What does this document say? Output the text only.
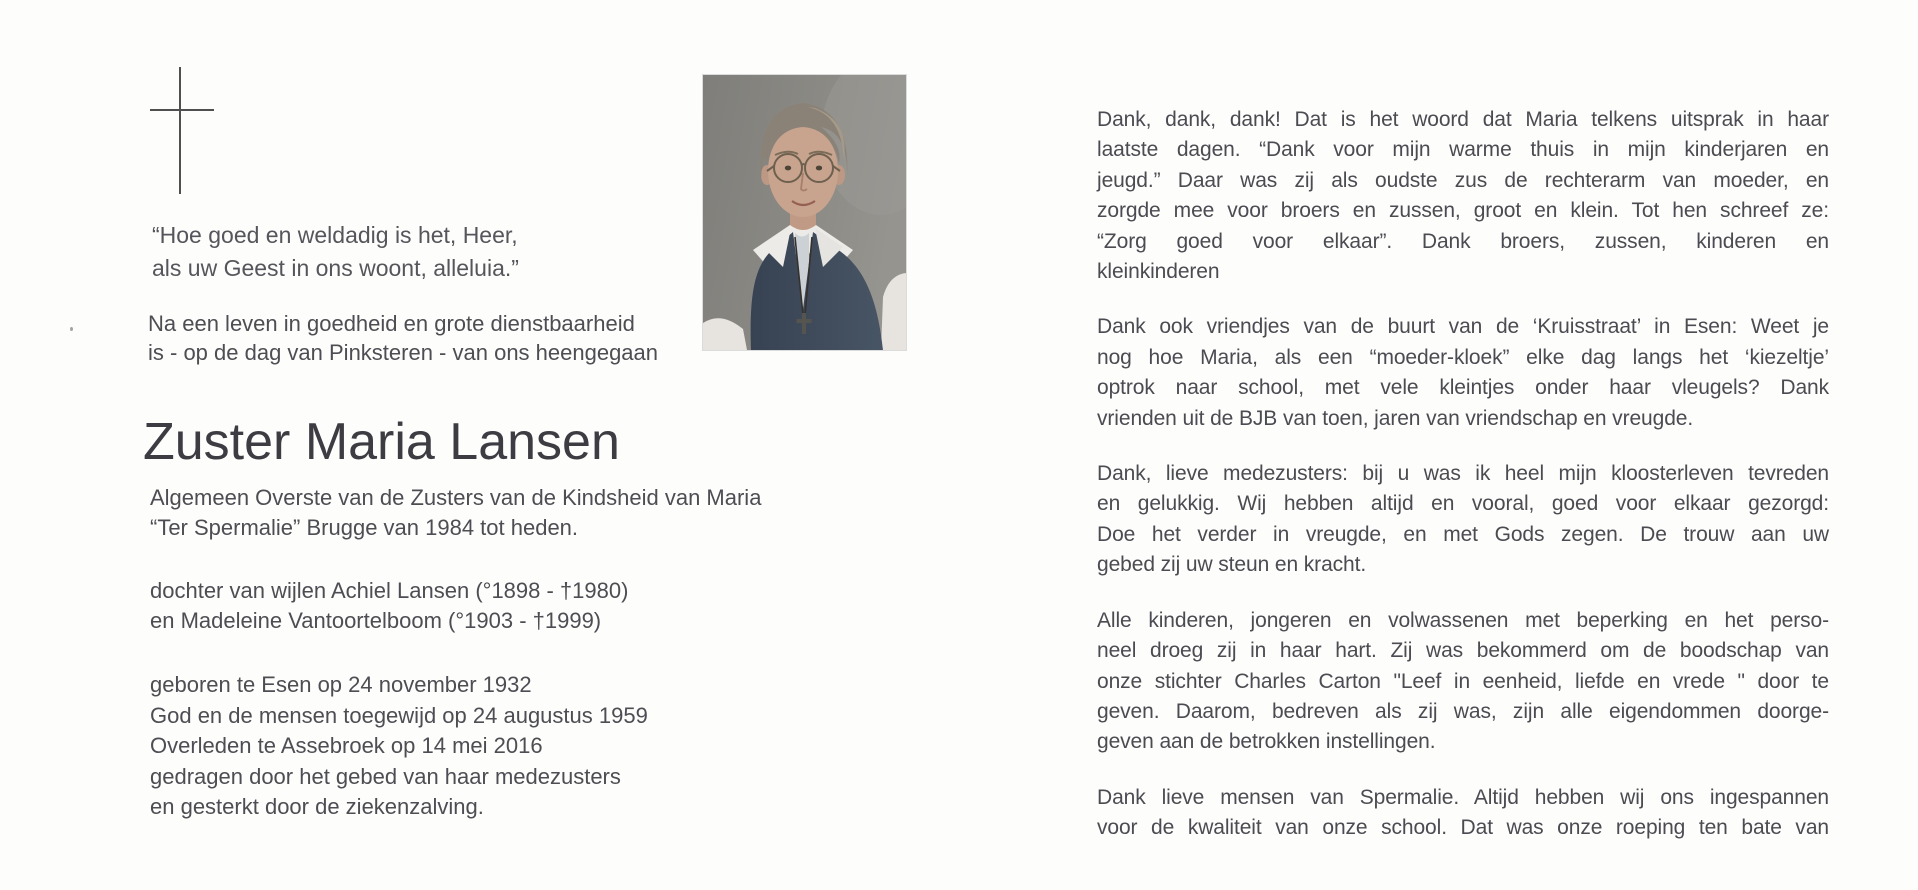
“Hoe goed en weldadig is het, Heer,
als uw Geest in ons woont, alleluia.”
Na een leven in goedheid en grote dienstbaarheid
is - op de dag van Pinksteren - van ons heengegaan
Zuster Maria Lansen
Algemeen Overste van de Zusters van de Kindsheid van Maria
“Ter Spermalie” Brugge van 1984 tot heden.
dochter van wijlen Achiel Lansen (°1898 - †1980)
en Madeleine Vantoortelboom (°1903 - †1999)
geboren te Esen op 24 november 1932
God en de mensen toegewijd op 24 augustus 1959
Overleden te Assebroek op 14 mei 2016
gedragen door het gebed van haar medezusters
en gesterkt door de ziekenzalving.

Dank, dank, dank! Dat is het woord dat Maria telkens uitsprak in haar
laatste dagen. “Dank voor mijn warme thuis in mijn kinderjaren en
jeugd.” Daar was zij als oudste zus de rechterarm van moeder, en
zorgde mee voor broers en zussen, groot en klein. Tot hen schreef ze:
“Zorg goed voor elkaar”. Dank broers, zussen, kinderen en
kleinkinderen

Dank ook vriendjes van de buurt van de ‘Kruisstraat’ in Esen: Weet je
nog hoe Maria, als een “moeder-kloek” elke dag langs het ‘kiezeltje’
optrok naar school, met vele kleintjes onder haar vleugels? Dank
vrienden uit de BJB van toen, jaren van vriendschap en vreugde.

Dank, lieve medezusters: bij u was ik heel mijn kloosterleven tevreden
en gelukkig. Wij hebben altijd en vooral, goed voor elkaar gezorgd:
Doe het verder in vreugde, en met Gods zegen. De trouw aan uw
gebed zij uw steun en kracht.

Alle kinderen, jongeren en volwassenen met beperking en het perso-
neel droeg zij in haar hart. Zij was bekommerd om de boodschap van
onze stichter Charles Carton "Leef in eenheid, liefde en vrede " door te
geven. Daarom, bedreven als zij was, zijn alle eigendommen doorge-
geven aan de betrokken instellingen.

Dank lieve mensen van Spermalie. Altijd hebben wij ons ingespannen
voor de kwaliteit van onze school. Dat was onze roeping ten bate van
